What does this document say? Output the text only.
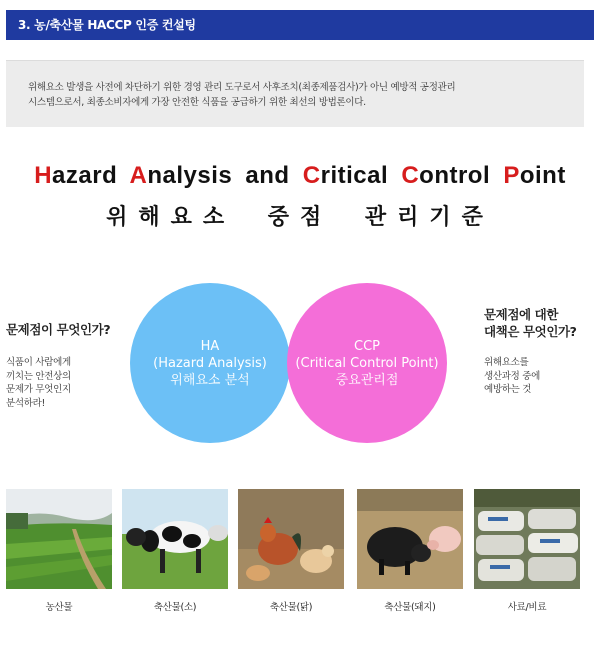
3. 농/축산물 HACCP 인증 컨설팅
위해요소 발생을 사전에 차단하기 위한 경영 관리 도구로서 사후조치(최종제품검사)가 아닌 예방적 공정관리
시스템으로서, 최종소비자에게 가장 안전한 식품을 공급하기 위한 최선의 방법론이다.
Hazard Analysis and Critical Control Point
위해요소 중점 관리기준
문제점이 무엇인가?
식품이 사람에게
끼치는 안전상의
문제가 무엇인지
분석하라!
HA
(Hazard Analysis)
위해요소 분석
CCP
(Critical Control Point)
중요관리점
문제점에 대한
대책은 무엇인가?
위해요소를
생산과정 중에
예방하는 것
농산물	축산물(소)	축산물(닭)	축산물(돼지)	사료/비료
